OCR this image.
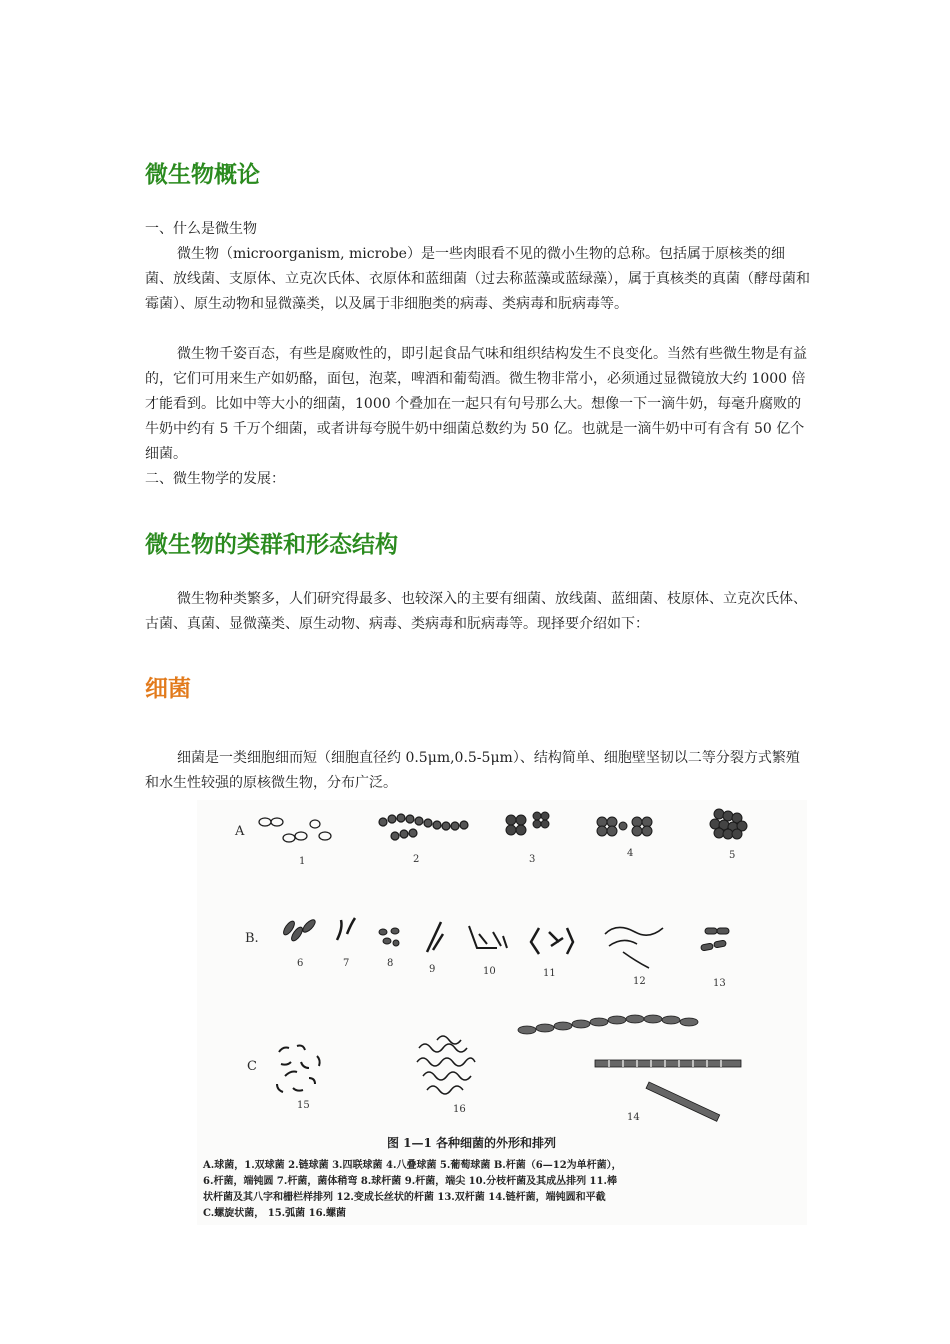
微生物概论

一、什么是微生物

微生物（microorganism, microbe）是一些肉眼看不见的微小生物的总称。包括属于原核类的细菌、放线菌、支原体、立克次氏体、衣原体和蓝细菌（过去称蓝藻或蓝绿藻），属于真核类的真菌（酵母菌和霉菌）、原生动物和显微藻类，以及属于非细胞类的病毒、类病毒和朊病毒等。

微生物千姿百态，有些是腐败性的，即引起食品气味和组织结构发生不良变化。当然有些微生物是有益的，它们可用来生产如奶酪，面包，泡菜，啤酒和葡萄酒。微生物非常小，必须通过显微镜放大约 1000 倍才能看到。比如中等大小的细菌，1000 个叠加在一起只有句号那么大。想像一下一滴牛奶，每毫升腐败的牛奶中约有 5 千万个细菌，或者讲每夸脱牛奶中细菌总数约为 50 亿。也就是一滴牛奶中可有含有 50 亿个细菌。

二、微生物学的发展：

微生物的类群和形态结构

微生物种类繁多，人们研究得最多、也较深入的主要有细菌、放线菌、蓝细菌、枝原体、立克次氏体、古菌、真菌、显微藻类、原生动物、病毒、类病毒和朊病毒等。现择要介绍如下：

细菌

细菌是一类细胞细而短（细胞直径约 0.5μm,0.5-5μm）、结构简单、细胞壁坚韧以二等分裂方式繁殖和水生性较强的原核微生物，分布广泛。

A
B.
C
1	2	3
4	5
6	7	8
9	10	11
12	13
14
15	16
图 1—1 各种细菌的外形和排列
A.球菌，1.双球菌 2.链球菌 3.四联球菌 4.八叠球菌 5.葡萄球菌 B.杆菌（6—12为单杆菌），
6.杆菌，端钝圆 7.杆菌，菌体稍弯 8.球杆菌 9.杆菌，端尖 10.分枝杆菌及其成丛排列 11.棒
状杆菌及其八字和栅栏样排列 12.变成长丝状的杆菌 13.双杆菌 14.链杆菌，端钝圆和平截
C.螺旋状菌， 15.弧菌 16.螺菌
